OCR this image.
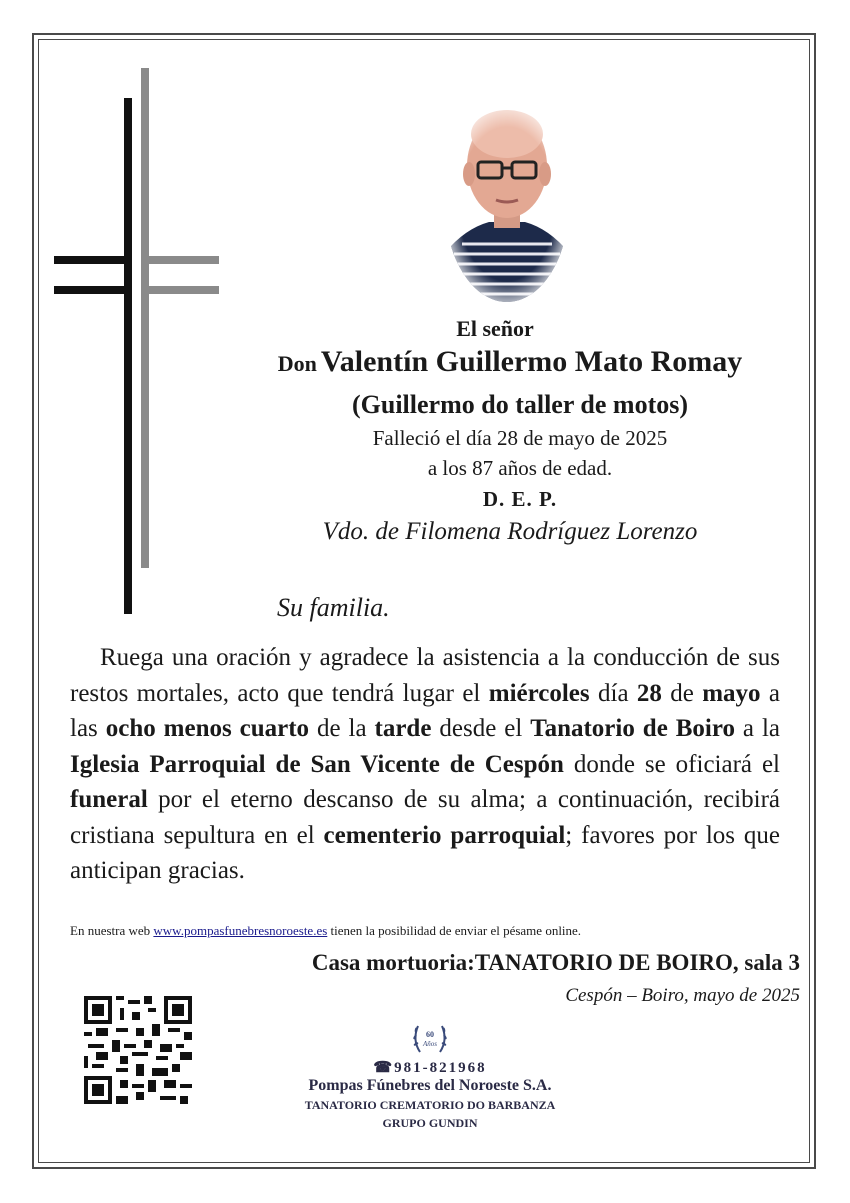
El señor
Don Valentín Guillermo Mato Romay
(Guillermo do taller de motos)
Falleció el día 28 de mayo de 2025
a los 87 años de edad.
D. E. P.
Vdo. de Filomena Rodríguez Lorenzo
Su familia.
Ruega una oración y agradece la asistencia a la conducción de sus restos mortales, acto que tendrá lugar el miércoles día 28 de mayo a las ocho menos cuarto de la tarde desde el Tanatorio de Boiro a la Iglesia Parroquial de San Vicente de Cespón donde se oficiará el funeral por el eterno descanso de su alma; a continuación, recibirá cristiana sepultura en el cementerio parroquial; favores por los que anticipan gracias.
En nuestra web www.pompasfunebresnoroeste.es tienen la posibilidad de enviar el pésame online.
Casa mortuoria:TANATORIO DE BOIRO, sala 3
Cespón – Boiro, mayo de 2025
60
Años
☎981-821968
Pompas Fúnebres del Noroeste S.A.
TANATORIO CREMATORIO DO BARBANZA
GRUPO GUNDIN
